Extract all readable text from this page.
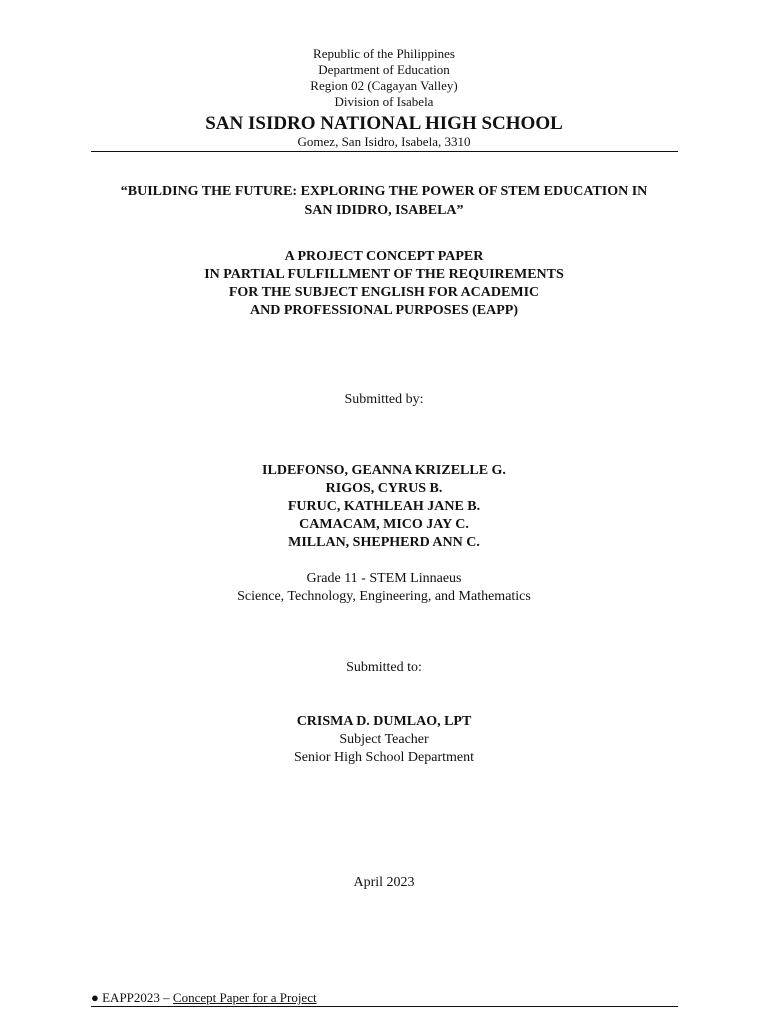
Republic of the Philippines
Department of Education
Region 02 (Cagayan Valley)
Division of Isabela
SAN ISIDRO NATIONAL HIGH SCHOOL
Gomez, San Isidro, Isabela, 3310
“BUILDING THE FUTURE: EXPLORING THE POWER OF STEM EDUCATION IN
SAN IDIDRO, ISABELA”
A PROJECT CONCEPT PAPER
IN PARTIAL FULFILLMENT OF THE REQUIREMENTS
FOR THE SUBJECT ENGLISH FOR ACADEMIC
AND PROFESSIONAL PURPOSES (EAPP)
Submitted by:
ILDEFONSO, GEANNA KRIZELLE G.
RIGOS, CYRUS B.
FURUC, KATHLEAH JANE B.
CAMACAM, MICO JAY C.
MILLAN, SHEPHERD ANN C.
Grade 11 - STEM Linnaeus
Science, Technology, Engineering, and Mathematics
Submitted to:
CRISMA D. DUMLAO, LPT
Subject Teacher
Senior High School Department
April 2023
● EAPP2023 – Concept Paper for a Project
